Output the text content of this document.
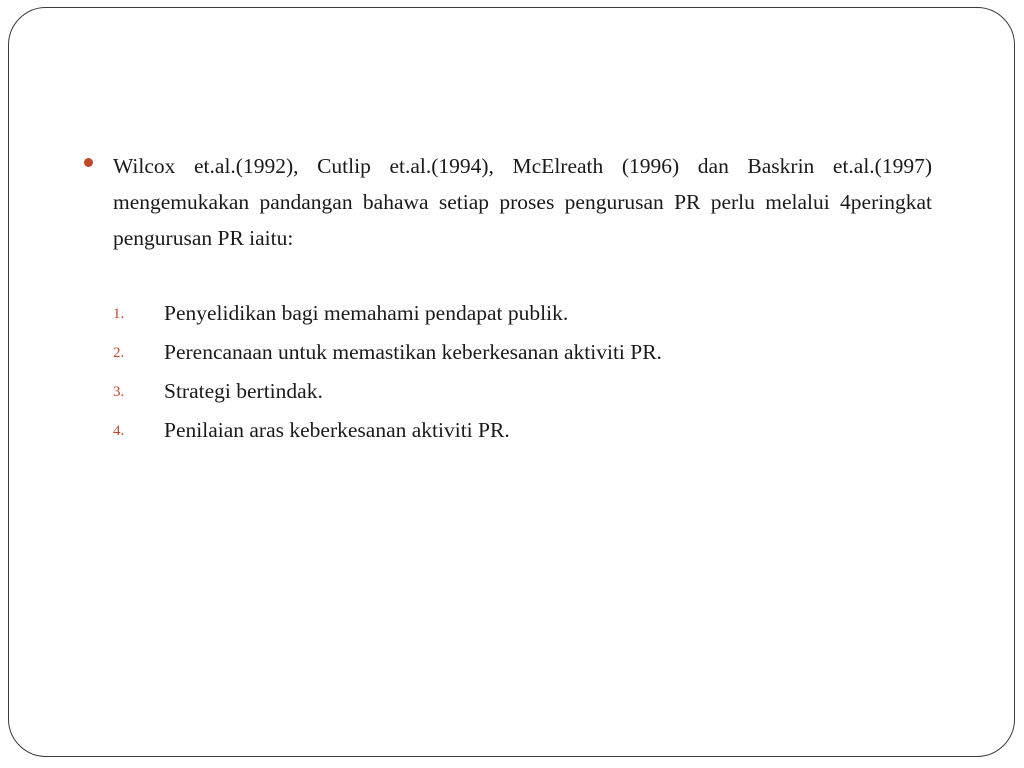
Wilcox et.al.(1992), Cutlip et.al.(1994), McElreath (1996) dan Baskrin et.al.(1997) mengemukakan pandangan bahawa setiap proses pengurusan PR perlu melalui 4peringkat pengurusan PR iaitu:
1. Penyelidikan bagi memahami pendapat publik.
2. Perencanaan untuk memastikan keberkesanan aktiviti PR.
3. Strategi bertindak.
4. Penilaian aras keberkesanan aktiviti PR.
